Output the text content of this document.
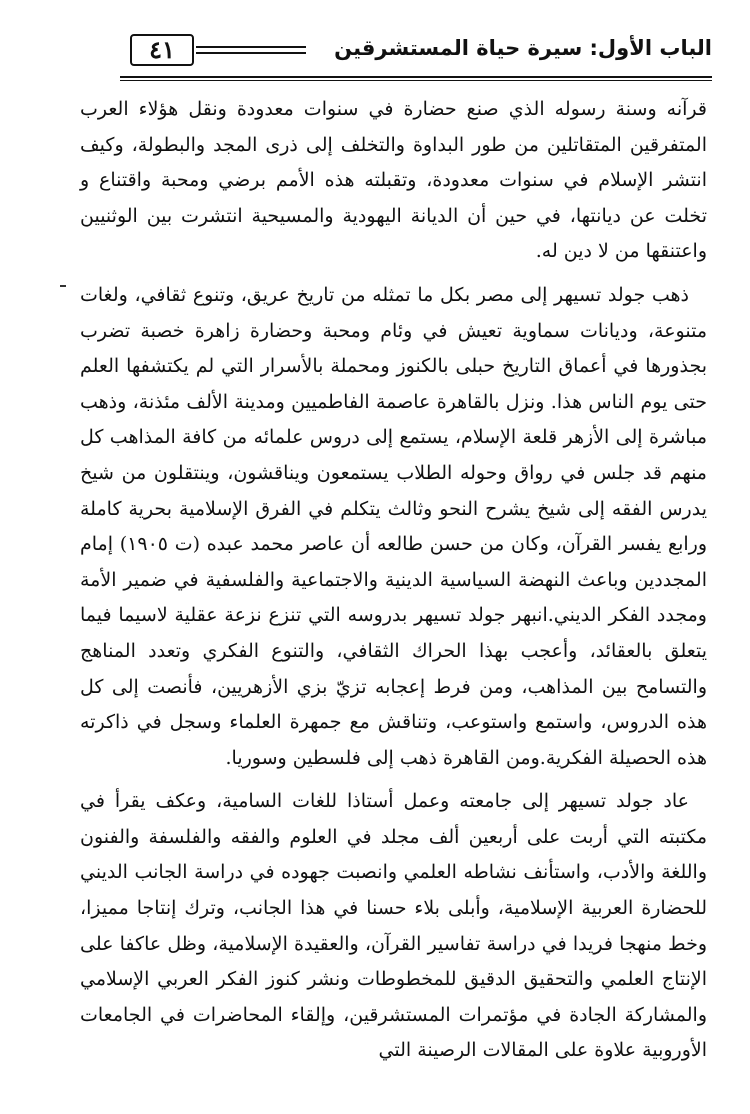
٤١	الباب الأول: سيرة حياة المستشرقين

قرآنه وسنة رسوله الذي صنع حضارة في سنوات معدودة ونقل هؤلاء العرب المتفرقين المتقاتلين من طور البداوة والتخلف إلى ذرى المجد والبطولة، وكيف انتشر الإسلام في سنوات معدودة، وتقبلته هذه الأمم برضي ومحبة واقتناع و تخلت عن ديانتها، في حين أن الديانة اليهودية والمسيحية انتشرت بين الوثنيين واعتنقها من لا دين له.

ذهب جولد تسيهر إلى مصر بكل ما تمثله من تاريخ عريق، وتنوع ثقافي، ولغات متنوعة، وديانات سماوية تعيش في وئام ومحبة وحضارة زاهرة خصبة تضرب بجذورها في أعماق التاريخ حبلى بالكنوز ومحملة بالأسرار التي لم يكتشفها العلم حتى يوم الناس هذا. ونزل بالقاهرة عاصمة الفاطميين ومدينة الألف مئذنة، وذهب مباشرة إلى الأزهر قلعة الإسلام، يستمع إلى دروس علمائه من كافة المذاهب كل منهم قد جلس في رواق وحوله الطلاب يستمعون ويناقشون، وينتقلون من شيخ يدرس الفقه إلى شيخ يشرح النحو وثالث يتكلم في الفرق الإسلامية بحرية كاملة ورابع يفسر القرآن، وكان من حسن طالعه أن عاصر محمد عبده (ت ١٩٠٥) إمام المجددين وباعث النهضة السياسية الدينية والاجتماعية والفلسفية في ضمير الأمة ومجدد الفكر الديني.انبهر جولد تسيهر بدروسه التي تنزع نزعة عقلية لاسيما فيما يتعلق بالعقائد، وأعجب بهذا الحراك الثقافي، والتنوع الفكري وتعدد المناهج والتسامح بين المذاهب، ومن فرط إعجابه تزيّ بزي الأزهريين، فأنصت إلى كل هذه الدروس، واستمع واستوعب، وتناقش مع جمهرة العلماء وسجل في ذاكرته هذه الحصيلة الفكرية.ومن القاهرة ذهب إلى فلسطين وسوريا.

عاد جولد تسيهر إلى جامعته وعمل أستاذا للغات السامية، وعكف يقرأ في مكتبته التي أربت على أربعين ألف مجلد في العلوم والفقه والفلسفة والفنون واللغة والأدب، واستأنف نشاطه العلمي وانصبت جهوده في دراسة الجانب الديني للحضارة العربية الإسلامية، وأبلى بلاء حسنا في هذا الجانب، وترك إنتاجا مميزا، وخط منهجا فريدا في دراسة تفاسير القرآن، والعقيدة الإسلامية، وظل عاكفا على الإنتاج العلمي والتحقيق الدقيق للمخطوطات ونشر كنوز الفكر العربي الإسلامي والمشاركة الجادة في مؤتمرات المستشرقين، وإلقاء المحاضرات في الجامعات الأوروبية علاوة على المقالات الرصينة التي
